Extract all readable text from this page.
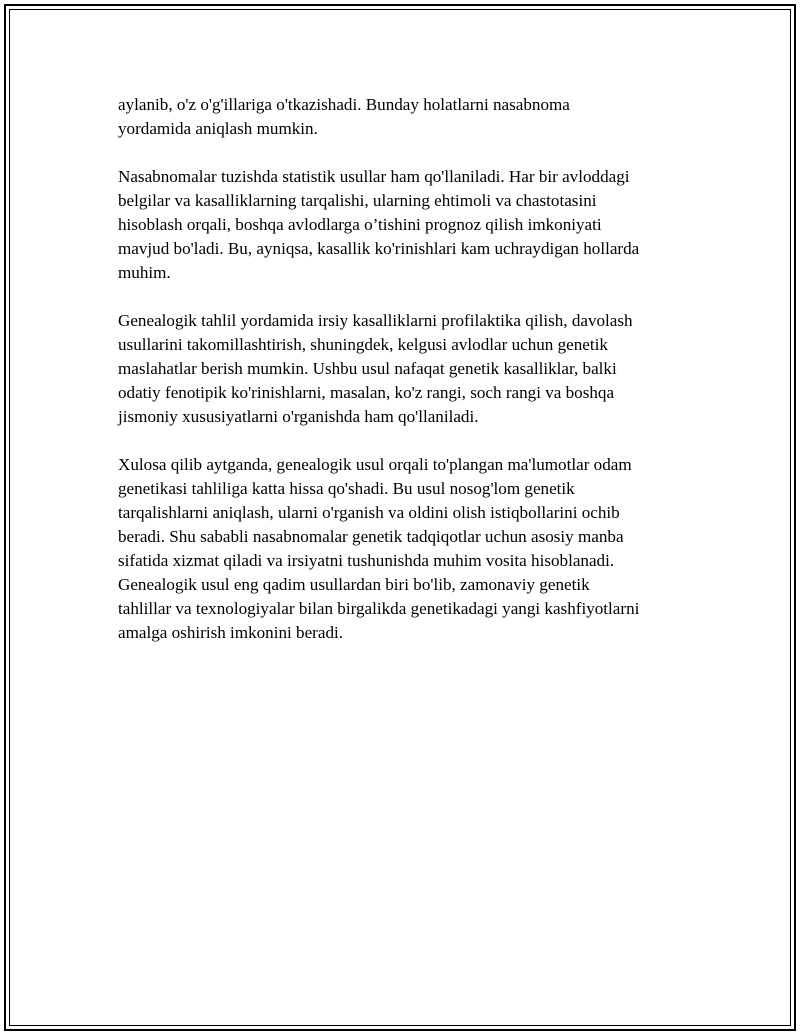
aylanib, o'z o'g'illariga o'tkazishadi. Bunday holatlarni nasabnoma
yordamida aniqlash mumkin.

Nasabnomalar tuzishda statistik usullar ham qo'llaniladi. Har bir avloddagi
belgilar va kasalliklarning tarqalishi, ularning ehtimoli va chastotasini
hisoblash orqali, boshqa avlodlarga o’tishini prognoz qilish imkoniyati
mavjud bo'ladi. Bu, ayniqsa, kasallik ko'rinishlari kam uchraydigan hollarda
muhim.

Genealogik tahlil yordamida irsiy kasalliklarni profilaktika qilish, davolash
usullarini takomillashtirish, shuningdek, kelgusi avlodlar uchun genetik
maslahatlar berish mumkin. Ushbu usul nafaqat genetik kasalliklar, balki
odatiy fenotipik ko'rinishlarni, masalan, ko'z rangi, soch rangi va boshqa
jismoniy xususiyatlarni o'rganishda ham qo'llaniladi.

Xulosa qilib aytganda, genealogik usul orqali to'plangan ma'lumotlar odam
genetikasi tahliliga katta hissa qo'shadi. Bu usul nosog'lom genetik
tarqalishlarni aniqlash, ularni o'rganish va oldini olish istiqbollarini ochib
beradi. Shu sababli nasabnomalar genetik tadqiqotlar uchun asosiy manba
sifatida xizmat qiladi va irsiyatni tushunishda muhim vosita hisoblanadi.
Genealogik usul eng qadim usullardan biri bo'lib, zamonaviy genetik
tahlillar va texnologiyalar bilan birgalikda genetikadagi yangi kashfiyotlarni
amalga oshirish imkonini beradi.
